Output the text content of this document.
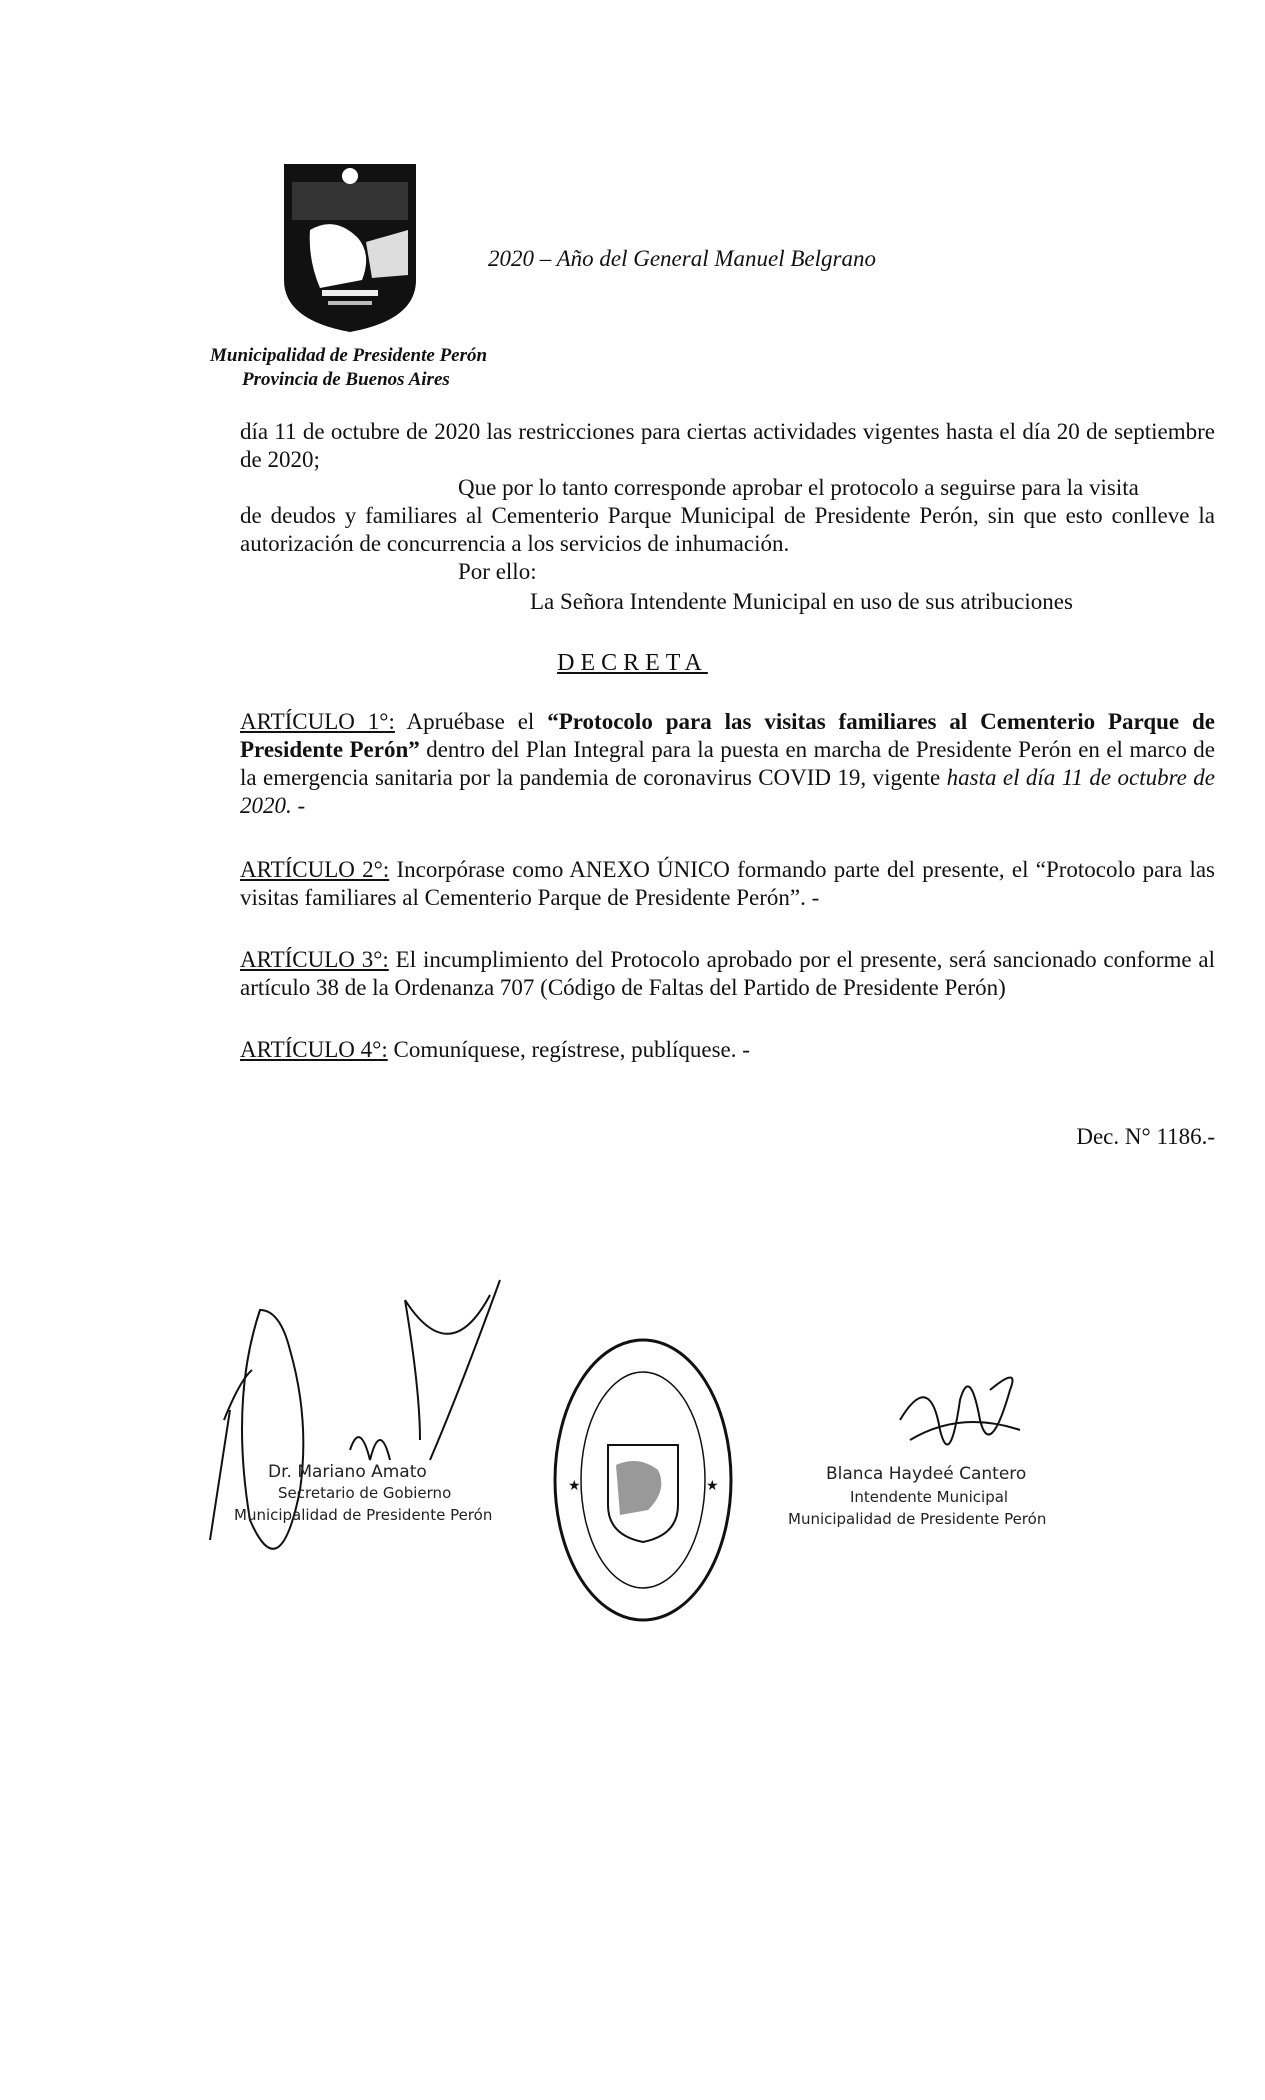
2020 – Año del General Manuel Belgrano
Municipalidad de Presidente Perón
Provincia de Buenos Aires
día 11 de octubre de 2020 las restricciones para ciertas actividades vigentes hasta el día 20 de septiembre de 2020;
Que por lo tanto corresponde aprobar el protocolo a seguirse para la visita
de deudos y familiares al Cementerio Parque Municipal de Presidente Perón, sin que esto conlleve la autorización de concurrencia a los servicios de inhumación.
Por ello:
La Señora Intendente Municipal en uso de sus atribuciones
DECRETA
ARTÍCULO 1°: Apruébase el “Protocolo para las visitas familiares al Cementerio Parque de Presidente Perón” dentro del Plan Integral para la puesta en marcha de Presidente Perón en el marco de la emergencia sanitaria por la pandemia de coronavirus COVID 19, vigente hasta el día 11 de octubre de 2020. -
ARTÍCULO 2°: Incorpórase como ANEXO ÚNICO formando parte del presente, el “Protocolo para las visitas familiares al Cementerio Parque de Presidente Perón”. -
ARTÍCULO 3°: El incumplimiento del Protocolo aprobado por el presente, será sancionado conforme al artículo 38 de la Ordenanza 707 (Código de Faltas del Partido de Presidente Perón)
ARTÍCULO 4°: Comuníquese, regístrese, publíquese. -
Dec. N° 1186.-
Dr. Mariano Amato
Secretario de Gobierno
Municipalidad de Presidente Perón
★	★
Blanca Haydeé Cantero
Intendente Municipal
Municipalidad de Presidente Perón
